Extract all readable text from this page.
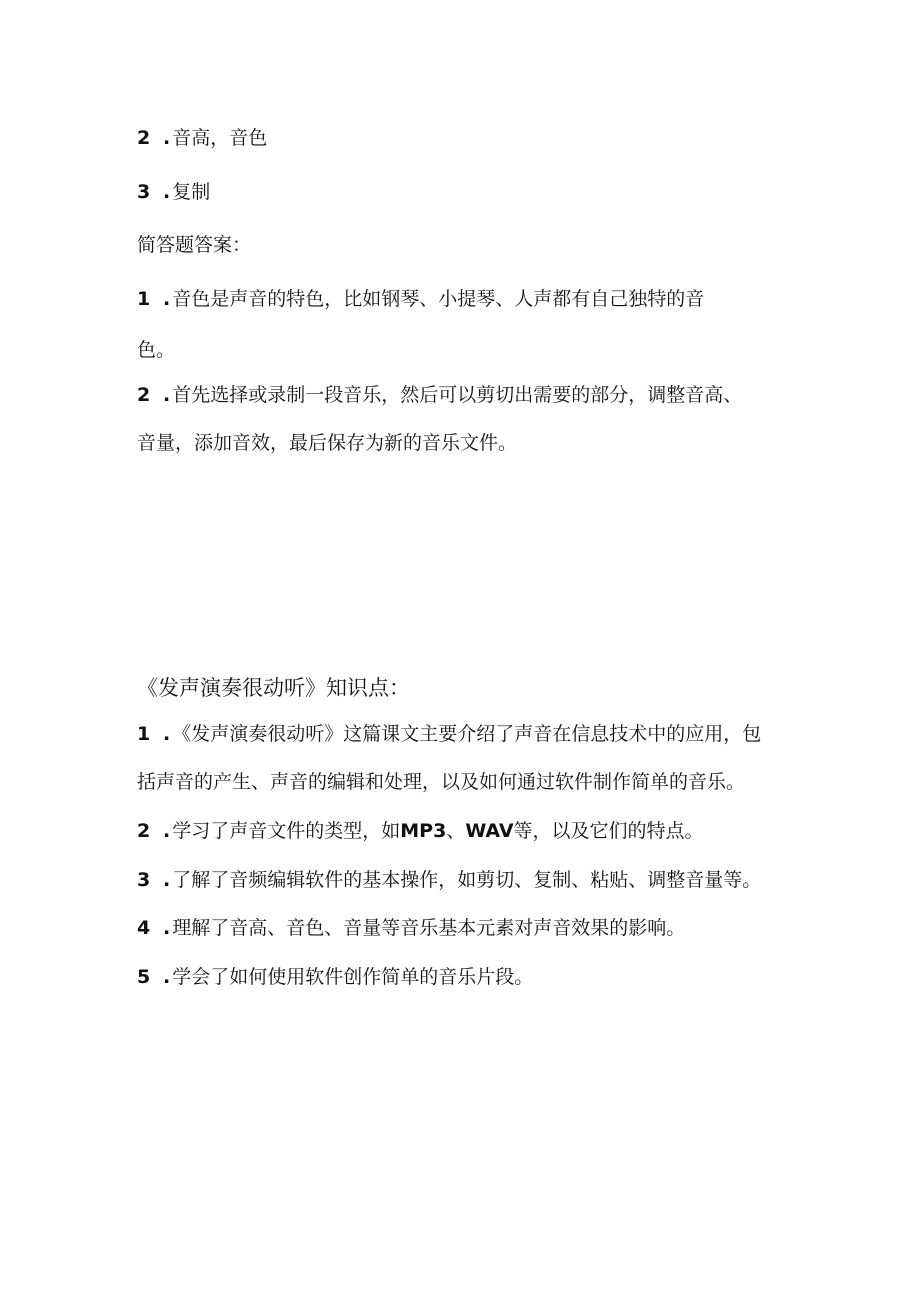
2 . 音高，音色
3 . 复制
简答题答案：
1 . 音色是声音的特色，比如钢琴、小提琴、人声都有自己独特的音
色。
2 . 首先选择或录制一段音乐，然后可以剪切出需要的部分，调整音高、
音量，添加音效，最后保存为新的音乐文件。
《发声演奏很动听》知识点：
1 . 《发声演奏很动听》这篇课文主要介绍了声音在信息技术中的应用，包
括声音的产生、声音的编辑和处理，以及如何通过软件制作简单的音乐。
2 . 学习了声音文件的类型，如MP3、WAV等，以及它们的特点。
3 . 了解了音频编辑软件的基本操作，如剪切、复制、粘贴、调整音量等。
4 . 理解了音高、音色、音量等音乐基本元素对声音效果的影响。
5 . 学会了如何使用软件创作简单的音乐片段。
